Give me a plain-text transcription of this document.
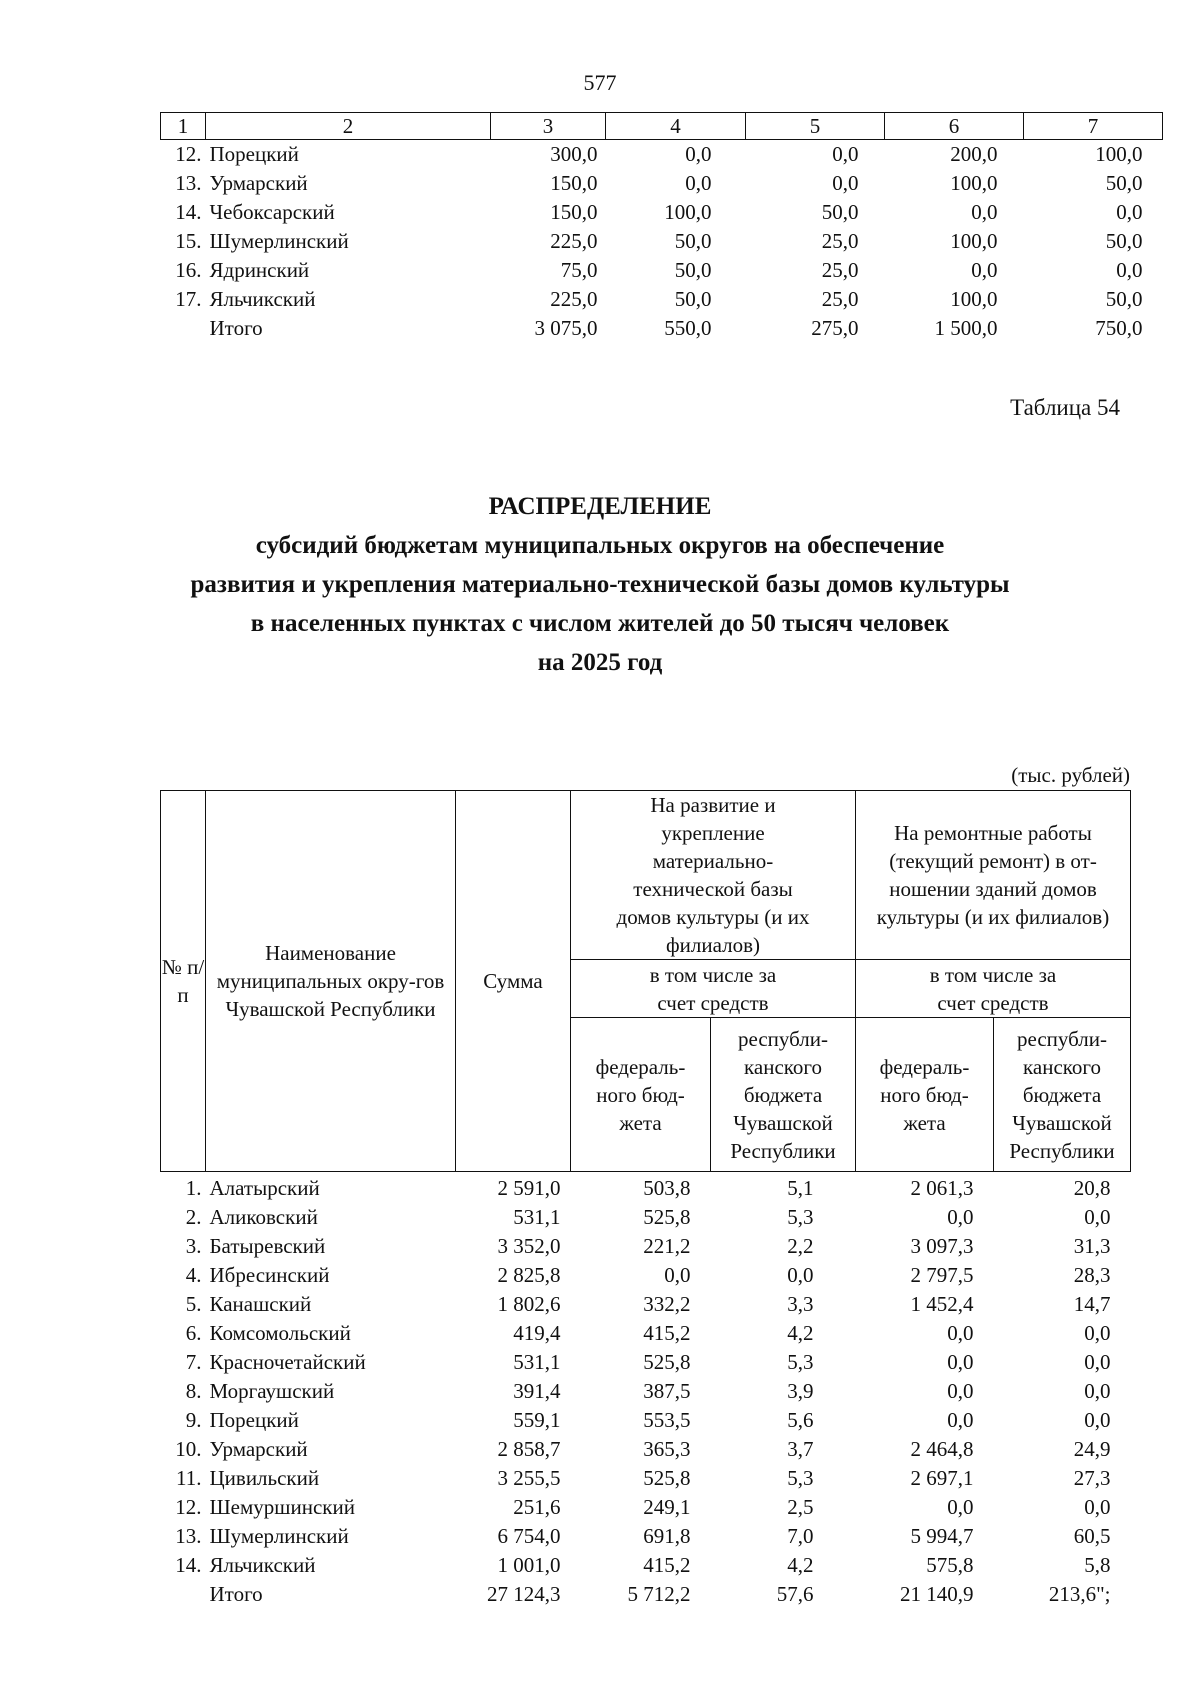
577
1	2	3	4	5	6	7
12.	Порецкий	300,0	0,0	0,0	200,0	100,0
13.	Урмарский	150,0	0,0	0,0	100,0	50,0
14.	Чебоксарский	150,0	100,0	50,0	0,0	0,0
15.	Шумерлинский	225,0	50,0	25,0	100,0	50,0
16.	Ядринский	75,0	50,0	25,0	0,0	0,0
17.	Яльчикский	225,0	50,0	25,0	100,0	50,0
	Итого	3 075,0	550,0	275,0	1 500,0	750,0
Таблица 54
РАСПРЕДЕЛЕНИЕ
субсидий бюджетам муниципальных округов на обеспечение
развития и укрепления материально-технической базы домов культуры
в населенных пунктах с числом жителей до 50 тысяч человек
на 2025 год
(тыс. рублей)
№ п/п	Наименование муниципальных окру-гов Чувашской Республики	Сумма	На развитие и укрепление материально-технической базы домов культуры (и их филиалов)		На ремонтные работы (текущий ремонт) в от-ношении зданий домов культуры (и их филиалов)	
			в том числе за счет средств		в том числе за счет средств	
			федераль-ного бюд-жета	республи-канского бюджета Чувашской Республики	федераль-ного бюд-жета	республи-канского бюджета Чувашской Республики
1.	Алатырский	2 591,0	503,8	5,1	2 061,3	20,8
2.	Аликовский	531,1	525,8	5,3	0,0	0,0
3.	Батыревский	3 352,0	221,2	2,2	3 097,3	31,3
4.	Ибресинский	2 825,8	0,0	0,0	2 797,5	28,3
5.	Канашский	1 802,6	332,2	3,3	1 452,4	14,7
6.	Комсомольский	419,4	415,2	4,2	0,0	0,0
7.	Красночетайский	531,1	525,8	5,3	0,0	0,0
8.	Моргаушский	391,4	387,5	3,9	0,0	0,0
9.	Порецкий	559,1	553,5	5,6	0,0	0,0
10.	Урмарский	2 858,7	365,3	3,7	2 464,8	24,9
11.	Цивильский	3 255,5	525,8	5,3	2 697,1	27,3
12.	Шемуршинский	251,6	249,1	2,5	0,0	0,0
13.	Шумерлинский	6 754,0	691,8	7,0	5 994,7	60,5
14.	Яльчикский	1 001,0	415,2	4,2	575,8	5,8
	Итого	27 124,3	5 712,2	57,6	21 140,9	213,6";
